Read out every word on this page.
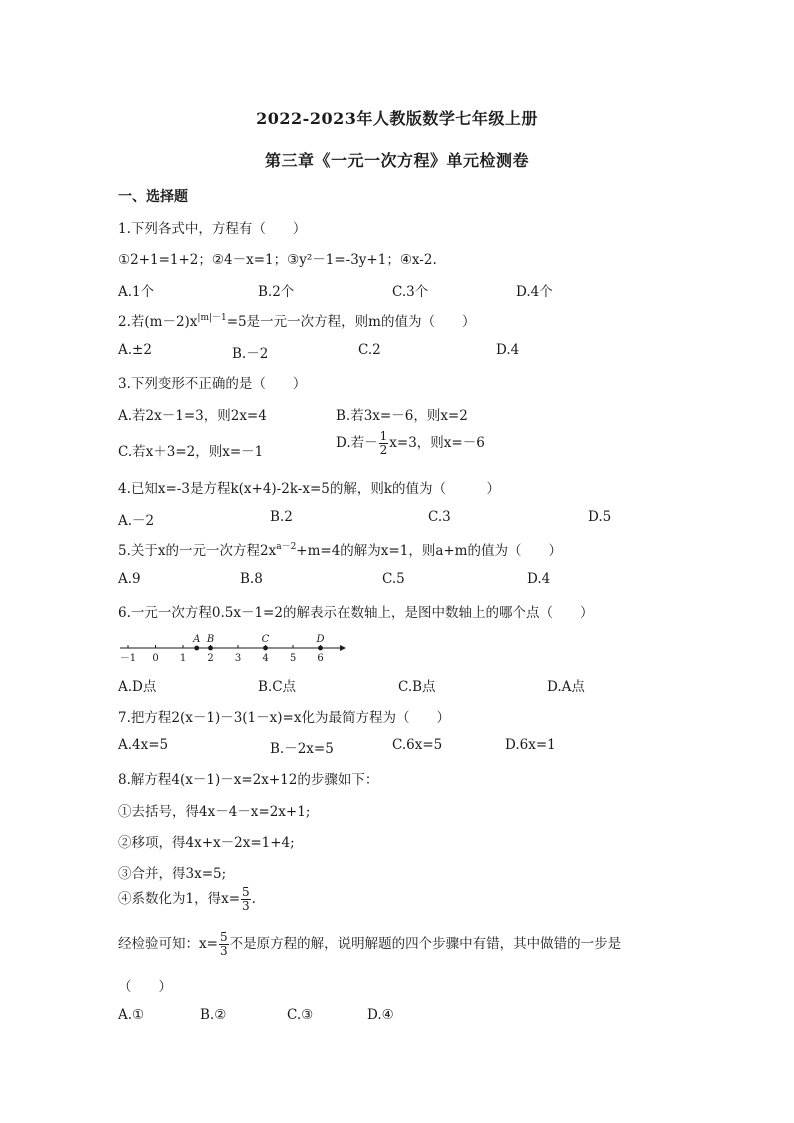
2022-2023年人教版数学七年级上册
第三章《一元一次方程》单元检测卷
一、选择题
1.下列各式中，方程有（　　）
①2+1=1+2；②4－x=1；③y²－1=-3y+1；④x-2.
A.1个	B.2个	C.3个	D.4个
2.若$(m-2)x^{|m|-1}=5$是一元一次方程，则m的值为（　　）
A.±2	B.－2	C.2	D.4
3.下列变形不正确的是（　　）
A.若2x－1=3，则2x=4	B.若3x=－6，则x=2
C.若x＋3=2，则x=－1
D.若－ $\frac{1}{2} x=3$，则x=－6
4.已知x=-3是方程k(x+4)-2k-x=5的解，则k的值为（　　　）
A.－2	B.2	C.3	D.5
5.关于x的一元一次方程$2x^{a-2}+m=4$的解为x=1，则a+m的值为（　　）
A.9	B.8	C.5	D.4
6.一元一次方程0.5x－1=2的解表示在数轴上，是图中数轴上的哪个点（　　）
－1 0 1 2 3 4 5 6
A B	C	D
A.D点	B.C点	C.B点	D.A点
7.把方程2(x－1)－3(1－x)=x化为最简方程为（　　）
A.4x=5	B.－2x=5	C.6x=5	D.6x=1
8.解方程4(x－1)－x=2x+12的步骤如下：
①去括号，得4x－4－x=2x+1;
②移项，得4x+x－2x=1+4;
③合并，得3x=5;
④系数化为1，得$x= \frac{5}{3}$ .
经检验可知：$x= \frac{5}{3}$ 不是原方程的解，说明解题的四个步骤中有错，其中做错的一步是
（　　）
A.①	B.②	C.③	D.④
